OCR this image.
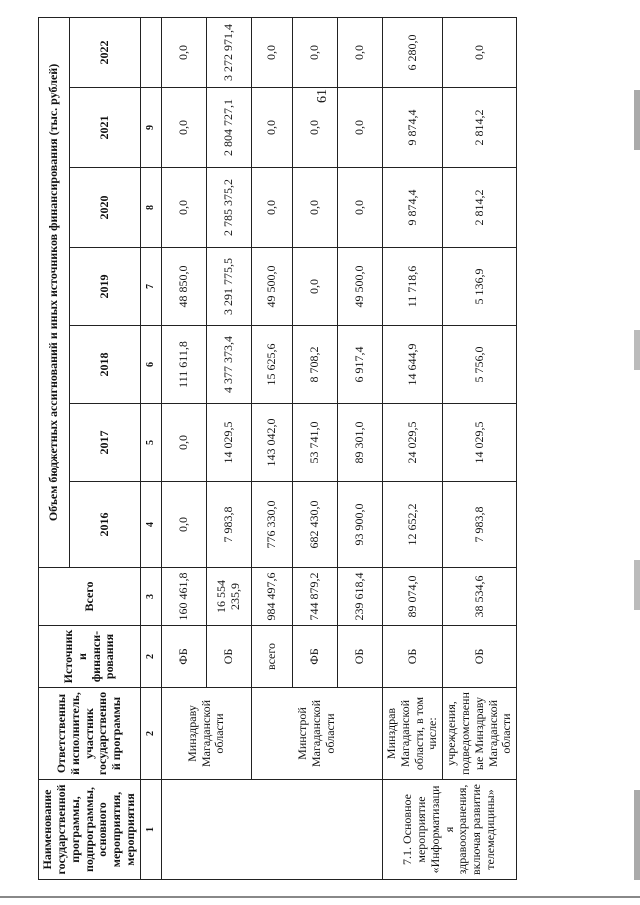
61
Наименование государственной программы, подпрограммы, основного мероприятия, мероприятия	Ответственный исполнитель, участник государственной программы	Источники финанси-рования	Всего	Объем бюджетных ассигнований и иных источников финансирования (тыс. рублей)						
				2016	2017	2018	2019	2020	2021	2022
1	2	2	3	4	5	6	7	8	9	
	Минздраву Магаданской области	ФБ	160 461,8	0,0	0,0	111 611,8	48 850,0	0,0	0,0	0,0
		ОБ	16 554 235,9	7 983,8	14 029,5	4 377 373,4	3 291 775,5	2 785 375,2	2 804 727,1	3 272 971,4
	Минстрой Магаданской области	всего	984 497,6	776 330,0	143 042,0	15 625,6	49 500,0	0,0	0,0	0,0
		ФБ	744 879,2	682 430,0	53 741,0	8 708,2	0,0	0,0	0,0	0,0
		ОБ	239 618,4	93 900,0	89 301,0	6 917,4	49 500,0	0,0	0,0	0,0
7.1. Основное мероприятие «Информатизация здравоохранения, включая развитие телемедицины»	Минздрав Магаданской области, в том числе:	ОБ	89 074,0	12 652,2	24 029,5	14 644,9	11 718,6	9 874,4	9 874,4	6 280,0
	учреждения, подведомственные Минздраву Магаданской области	ОБ	38 534,6	7 983,8	14 029,5	5 756,0	5 136,9	2 814,2	2 814,2	0,0
